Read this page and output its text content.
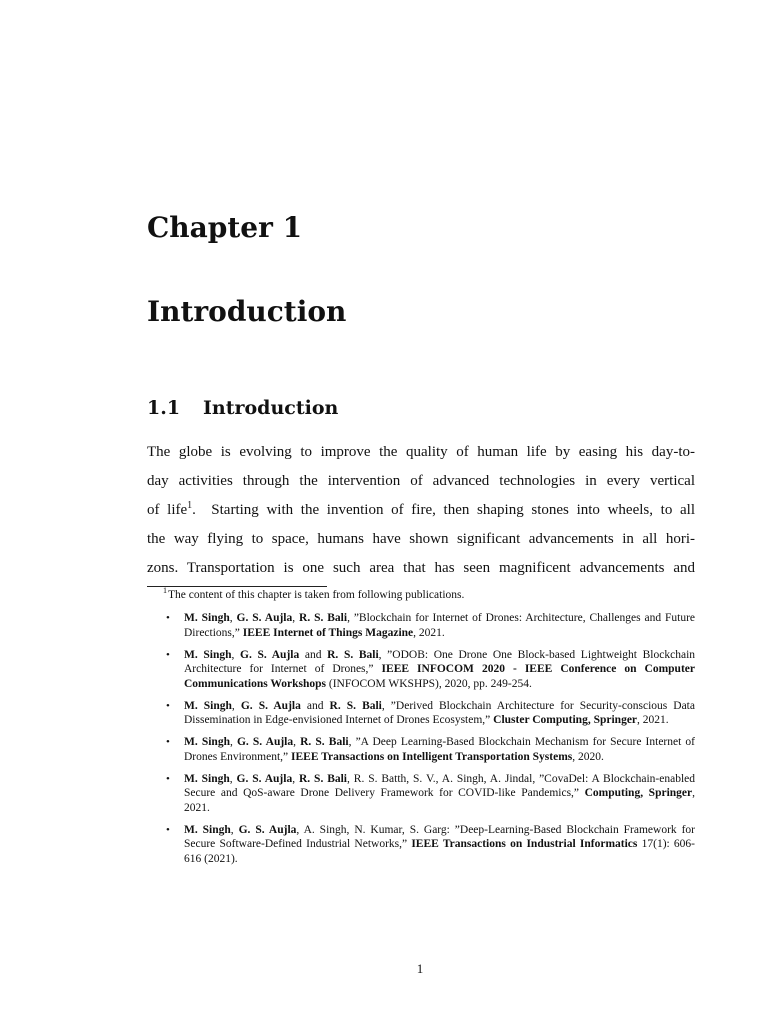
Chapter 1
Introduction
1.1 Introduction
The globe is evolving to improve the quality of human life by easing his day-to-
day activities through the intervention of advanced technologies in every vertical
of life$^1$.  Starting with the invention of fire, then shaping stones into wheels, to all
the way flying to space, humans have shown significant advancements in all hori-
zons. Transportation is one such area that has seen magnificent advancements and

$^1$The content of this chapter is taken from following publications.

• M. Singh, G. S. Aujla, R. S. Bali, ”Blockchain for Internet of Drones: Architecture, Challenges and Future Directions,” IEEE Internet of Things Magazine, 2021.
• M. Singh, G. S. Aujla and R. S. Bali, ”ODOB: One Drone One Block-based Lightweight Blockchain Architecture for Internet of Drones,” IEEE INFOCOM 2020 - IEEE Conference on Computer Communications Workshops (INFOCOM WKSHPS), 2020, pp. 249-254.
• M. Singh, G. S. Aujla and R. S. Bali, ”Derived Blockchain Architecture for Security-conscious Data Dissemination in Edge-envisioned Internet of Drones Ecosystem,” Cluster Computing, Springer, 2021.
• M. Singh, G. S. Aujla, R. S. Bali, ”A Deep Learning-Based Blockchain Mechanism for Secure Internet of Drones Environment,” IEEE Transactions on Intelligent Transportation Systems, 2020.
• M. Singh, G. S. Aujla, R. S. Bali, R. S. Batth, S. V., A. Singh, A. Jindal, ”CovaDel: A Blockchain-enabled Secure and QoS-aware Drone Delivery Framework for COVID-like Pandemics,” Computing, Springer, 2021.
• M. Singh, G. S. Aujla, A. Singh, N. Kumar, S. Garg: ”Deep-Learning-Based Blockchain Framework for Secure Software-Defined Industrial Networks,” IEEE Transactions on Industrial Informatics 17(1): 606-616 (2021).

1
